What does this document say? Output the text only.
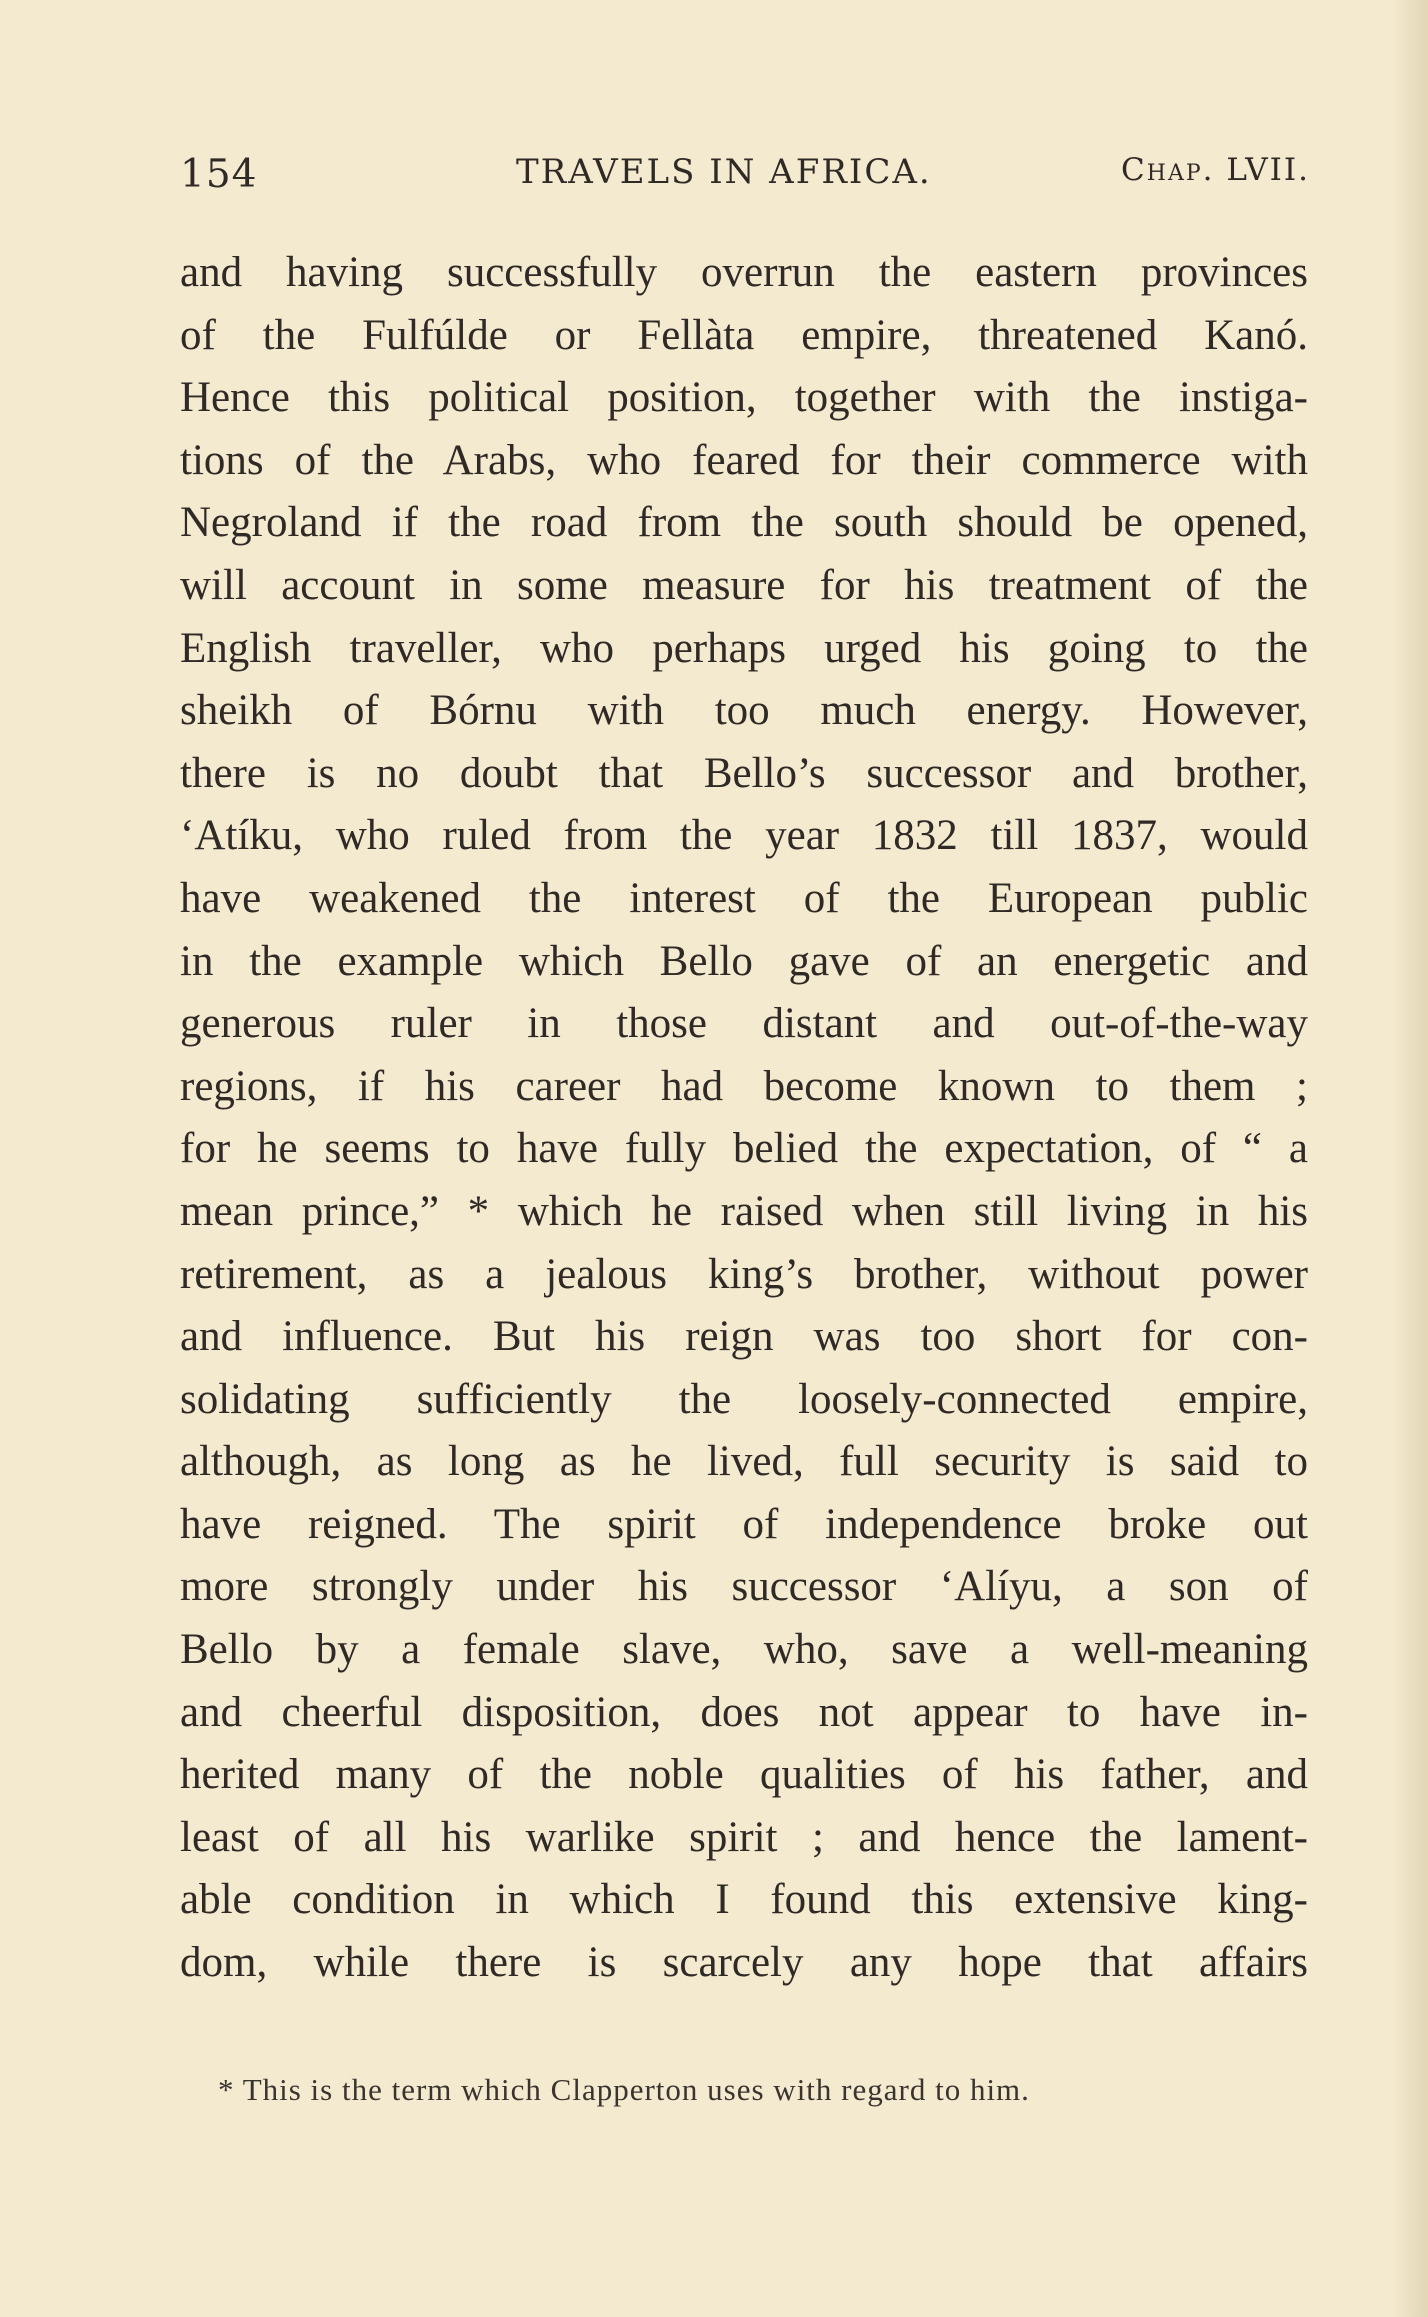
154	TRAVELS IN AFRICA.	Chap. LVII.
and having successfully overrun the eastern provinces
of the Fulfúlde or Fellàta empire, threatened Kanó.
Hence this political position, together with the instiga-
tions of the Arabs, who feared for their commerce with
Negroland if the road from the south should be opened,
will account in some measure for his treatment of the
English traveller, who perhaps urged his going to the
sheikh of Bórnu with too much energy. However,
there is no doubt that Bello’s successor and brother,
‘Atíku, who ruled from the year 1832 till 1837, would
have weakened the interest of the European public
in the example which Bello gave of an energetic and
generous ruler in those distant and out-of-the-way
regions, if his career had become known to them ;
for he seems to have fully belied the expectation, of “ a
mean prince,” * which he raised when still living in his
retirement, as a jealous king’s brother, without power
and influence. But his reign was too short for con-
solidating sufficiently the loosely-connected empire,
although, as long as he lived, full security is said to
have reigned. The spirit of independence broke out
more strongly under his successor ‘Alíyu, a son of
Bello by a female slave, who, save a well-meaning
and cheerful disposition, does not appear to have in-
herited many of the noble qualities of his father, and
least of all his warlike spirit ; and hence the lament-
able condition in which I found this extensive king-
dom, while there is scarcely any hope that affairs
* This is the term which Clapperton uses with regard to him.
